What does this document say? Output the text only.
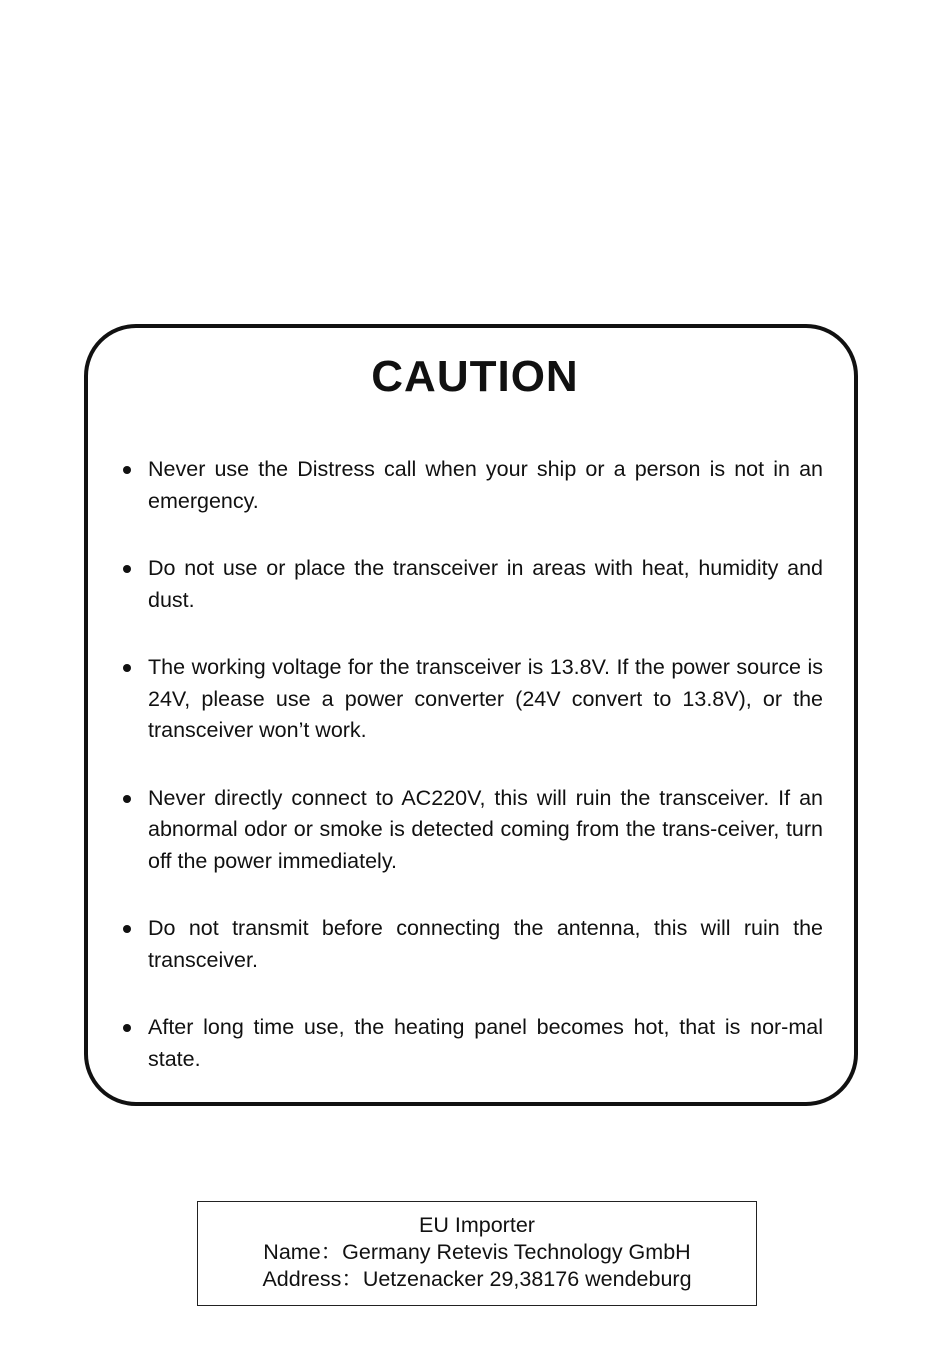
CAUTION
Never use the Distress call when your ship or a person is not in an emergency.
Do not use or place the transceiver in areas with heat, humidity and dust.
The working voltage for the transceiver is 13.8V. If the power source is 24V, please use a power converter (24V convert to 13.8V), or the transceiver won’t work.
Never directly connect to AC220V, this will ruin the transceiver. If an abnormal odor or smoke is detected coming from the trans-ceiver, turn off the power immediately.
Do not transmit before connecting the antenna, this will ruin the transceiver.
After long time use, the heating panel becomes hot, that is nor-mal state.
EU Importer
Name：Germany Retevis Technology GmbH
Address：Uetzenacker 29,38176 wendeburg
